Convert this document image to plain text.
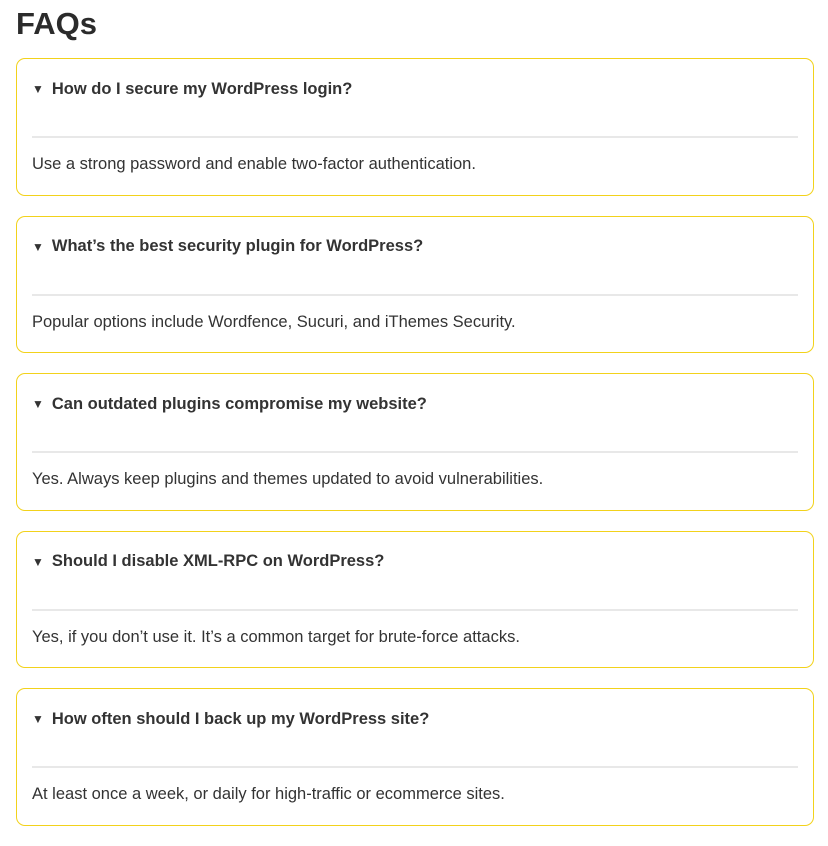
FAQs
▼ How do I secure my WordPress login?
Use a strong password and enable two-factor authentication.
▼ What’s the best security plugin for WordPress?
Popular options include Wordfence, Sucuri, and iThemes Security.
▼ Can outdated plugins compromise my website?
Yes. Always keep plugins and themes updated to avoid vulnerabilities.
▼ Should I disable XML-RPC on WordPress?
Yes, if you don’t use it. It’s a common target for brute-force attacks.
▼ How often should I back up my WordPress site?
At least once a week, or daily for high-traffic or ecommerce sites.
